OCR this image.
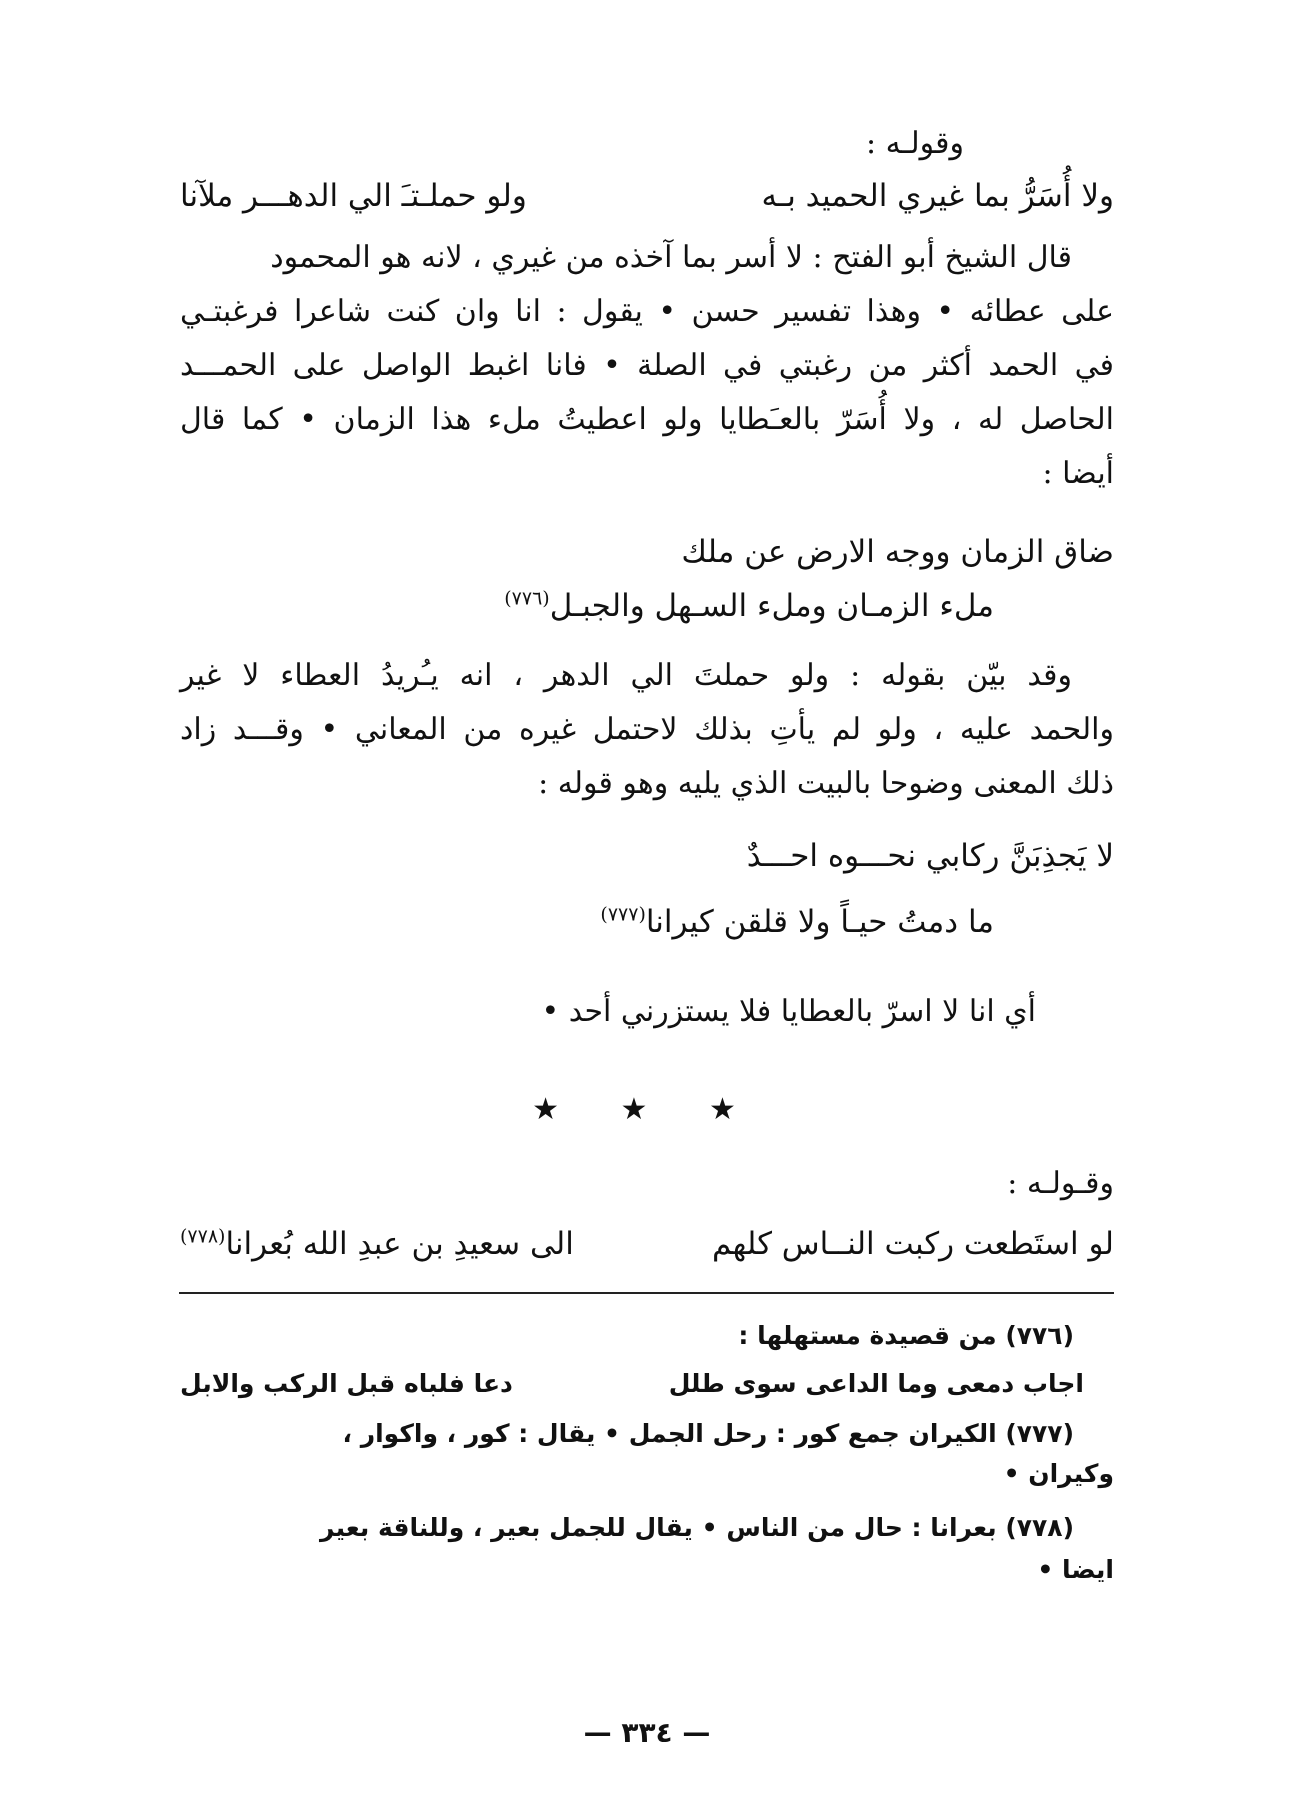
وقولـه :
ولا أُسَرُّ بما غيري الحميد بـه
ولو حملـتـَ الي الدهـــر ملآنا
قال الشيخ أبو الفتح : لا أسر بما آخذه من غيري ، لانه هو المحمود
على عطائه • وهذا تفسير حسن • يقول : انا وان كنت شاعرا فرغبتـي
في الحمد أكثر من رغبتي في الصلة • فانا اغبط الواصل على الحمـــد
الحاصل له ، ولا أُسَرّ بالعـَطايا ولو اعطيتُ ملء هذا الزمان • كما قال
أيضا :
ضاق الزمان ووجه الارض عن ملك
ملء الزمـان وملء السـهل والجبـل$^{(٧٧٦)}$
وقد بيّن بقوله : ولو حملتَ الي الدهر ، انه يـُريدُ العطاء لا غير
والحمد عليه ، ولو لم يأتِ بذلك لاحتمل غيره من المعاني • وقـــد زاد
ذلك المعنى وضوحا بالبيت الذي يليه وهو قوله :
لا يَجذِبَنَّ ركابي نحـــوه احـــدٌ
ما دمتُ حيـاً ولا قلقن كيرانا$^{(٧٧٧)}$
أي انا لا اسرّ بالعطايا فلا يستزرني أحد •
★ ★ ★
وقـولـه :
لو استَطعت ركبت النــاس كلهم
الى سعيدِ بن عبدِ الله بُعرانا$^{(٧٧٨)}$
(٧٧٦) من قصيدة مستهلها :
اجاب دمعى وما الداعى سوى طلل
دعا فلباه قبل الركب والابل
(٧٧٧) الكيران جمع كور : رحل الجمل • يقال : كور ، واكوار ،
وكيران •
(٧٧٨) بعرانا : حال من الناس • يقال للجمل بعير ، وللناقة بعير
ايضا •
— ٣٣٤ —
